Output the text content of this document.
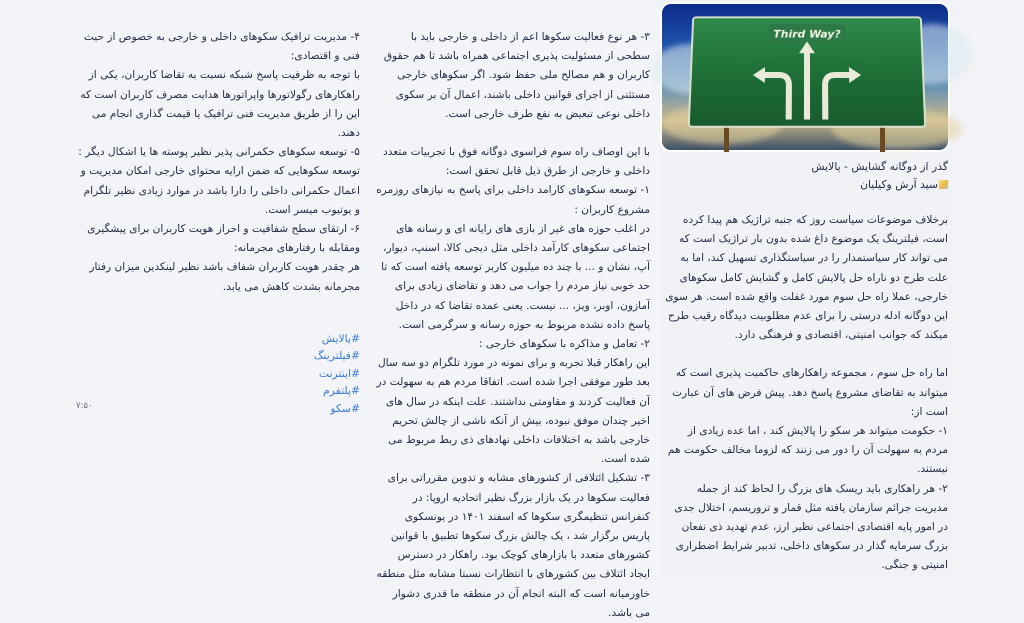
Third Way?
گذر از دوگانه گشایش - پالایش
سید آرش وکیلیان

برخلاف موضوعات سیاست روز که جنبه تراژیک هم پیدا کرده است، فیلترینگ یک موضوع داغ شده بدون بار تراژیک است که می تواند کار سیاستمدار را در سیاستگذاری تسهیل کند، اما به علت طرح دو ناراه حل پالایش کامل و گشایش کامل سکوهای خارجی، عملا راه حل سوم مورد غفلت واقع شده است. هر سوی این دوگانه ادله درستی را برای عدم مطلوبیت دیدگاه رقیب طرح میکند که جوانب امنیتی، اقتصادی و فرهنگی دارد.

اما راه حل سوم ، مجموعه راهکارهای حاکمیت پذیری است که میتواند به تقاضای مشروع پاسخ دهد. پیش فرض های آن عبارت است از:

۱- حکومت میتواند هر سکو را پالایش کند ، اما عده زیادی از مردم به سهولت آن را دور می زنند که لزوما مخالف حکومت هم نیستند.

۲- هر راهکاری باید ریسک های بزرگ را لحاظ کند از جمله مدیریت جرائم سازمان یافته مثل قمار و تروریسم، اختلال جدی در امور پایه اقتصادی اجتماعی نظیر ارز، عدم تهدید ذی نفعان بزرگ سرمایه گذار در سکوهای داخلی، تدبیر شرایط اضطراری امنیتی و جنگی.

۳- هر نوع فعالیت سکوها اعم از داخلی و خارجی باید با سطحی از مسئولیت پذیری اجتماعی همراه باشد تا هم حقوق کاربران و هم مصالح ملی حفظ شود. اگر سکوهای خارجی مستثنی از اجرای قوانین داخلی باشند، اعمال آن بر سکوی داخلی نوعی تبعیض به نفع طرف خارجی است.

با این اوصاف راه سوم فراسوی دوگانه فوق با تجربیات متعدد داخلی و خارجی از طرق ذیل قابل تحقق است:

۱- توسعه سکوهای کارامد داخلی برای پاسخ به نیازهای روزمره مشروع کاربران :

در اغلب حوزه های غیر از بازی های رایانه ای و رسانه های اجتماعی سکوهای کارآمد داخلی مثل دیجی کالا، اسنپ، دیوار، آپ، نشان و ... با چند ده میلیون کاربر توسعه یافته است که تا حد خوبی نیاز مردم را جواب می دهد و تقاضای زیادی برای آمازون، اوبر، ویز، ... نیست. یعنی عمده تقاضا که در داخل پاسخ داده نشده مربوط به حوزه رسانه و سرگرمی است.

۲- تعامل و مذاکره با سکوهای خارجی :

این راهکار قبلا تجربه و برای نمونه در مورد تلگرام دو سه سال بعد طور موفقی اجرا شده است. اتفاقا مردم هم به سهولت در آن فعالیت کردند و مقاومتی نداشتند. علت اینکه در سال های اخیر چندان موفق نبوده، بیش از آنکه ناشی از چالش تحریم خارجی باشد به اختلافات داخلی نهادهای ذی ربط مربوط می شده است.

۳- تشکیل ائتلافی از کشورهای مشابه و تدوین مقرراتی برای فعالیت سکوها در یک بازار بزرگ نظیر اتحادیه اروپا: در کنفرانس تنظیمگری سکوها که اسفند ۱۴۰۱ در یونسکوی پاریس برگزار شد ، یک چالش بزرگ سکوها تطبیق با قوانین کشورهای متعدد با بازارهای کوچک بود. راهکار در دسترس ایجاد ائتلاف بین کشورهای با انتظارات نسبتا مشابه مثل منطقه خاورمیانه است که البته انجام آن در منطقه ما قدری دشوار می باشد.

۴- مدیریت ترافیک سکوهای داخلی و خارجی به خصوص از حیث فنی و اقتصادی:

با توجه به ظرفیت پاسخ شبکه نسبت به تقاضا کاربران، یکی از راهکارهای رگولاتورها واپراتورها هدایت مصرف کاربران است که این را از طریق مدیریت فنی ترافیک یا قیمت گذاری انجام می دهند.

۵- توسعه سکوهای حکمرانی پذیر نظیر پوسته ها یا اشکال دیگر :

توسعه سکوهایی که ضمن ارایه محتوای خارجی امکان مدیریت و اعمال حکمرانی داخلی را دارا باشد در موارد زیادی نظیر تلگرام و یوتیوب میسر است.

۶- ارتقای سطح شفافیت و احراز هویت کاربران برای پیشگیری ومقابله با رفتارهای مجرمانه:

هر چقدر هویت کاربران شفاف باشد نظیر لینکدین میزان رفتار مجرمانه بشدت کاهش می یابد.

#پالایش
#فیلترینگ
#اینترنت
#پلتفرم
#سکو
۷:۵۰
